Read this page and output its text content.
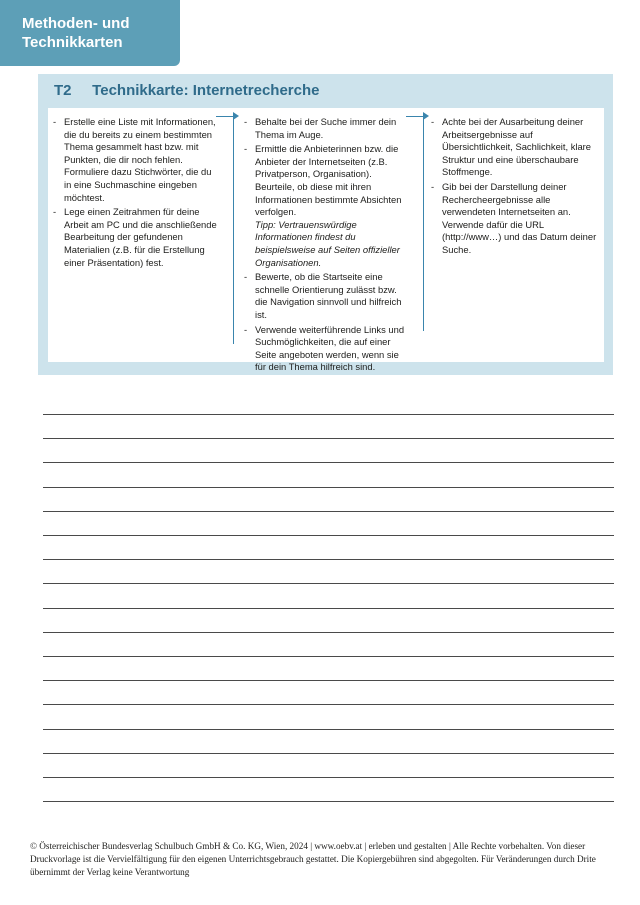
Methoden- und
Technikkarten
T2 Technikkarte: Internetrecherche
- Erstelle eine Liste mit Informationen, die du bereits zu einem bestimmten Thema gesammelt hast bzw. mit Punkten, die dir noch fehlen. Formuliere dazu Stichwörter, die du in eine Suchmaschine eingeben möchtest.
- Lege einen Zeitrahmen für deine Arbeit am PC und die anschließende Bearbeitung der gefundenen Materialien (z.B. für die Erstellung einer Präsentation) fest.
- Behalte bei der Suche immer dein Thema im Auge.
- Ermittle die Anbieterinnen bzw. die Anbieter der Internetseiten (z.B. Privatperson, Organisation). Beurteile, ob diese mit ihren Informationen bestimmte Absichten verfolgen.
Tipp: Vertrauenswürdige Informationen findest du beispielsweise auf Seiten offizieller Organisationen.
- Bewerte, ob die Startseite eine schnelle Orientierung zulässt bzw. die Navigation sinnvoll und hilfreich ist.
- Verwende weiterführende Links und Suchmöglichkeiten, die auf einer Seite angeboten werden, wenn sie für dein Thema hilfreich sind.
- Achte bei der Ausarbeitung deiner Arbeitsergebnisse auf Übersichtlichkeit, Sachlichkeit, klare Struktur und eine überschaubare Stoffmenge.
- Gib bei der Darstellung deiner Rechercheergebnisse alle verwendeten Internetseiten an. Verwende dafür die URL (http://www…) und das Datum deiner Suche.
© Österreichischer Bundesverlag Schulbuch GmbH & Co. KG, Wien, 2024 | www.oebv.at | erleben und gestalten | Alle Rechte vorbehalten. Von dieser Druckvorlage ist die Vervielfältigung für den eigenen Unterrichtsgebrauch gestattet. Die Kopiergebühren sind abgegolten. Für Veränderungen durch Drite übernimmt der Verlag keine Verantwortung
